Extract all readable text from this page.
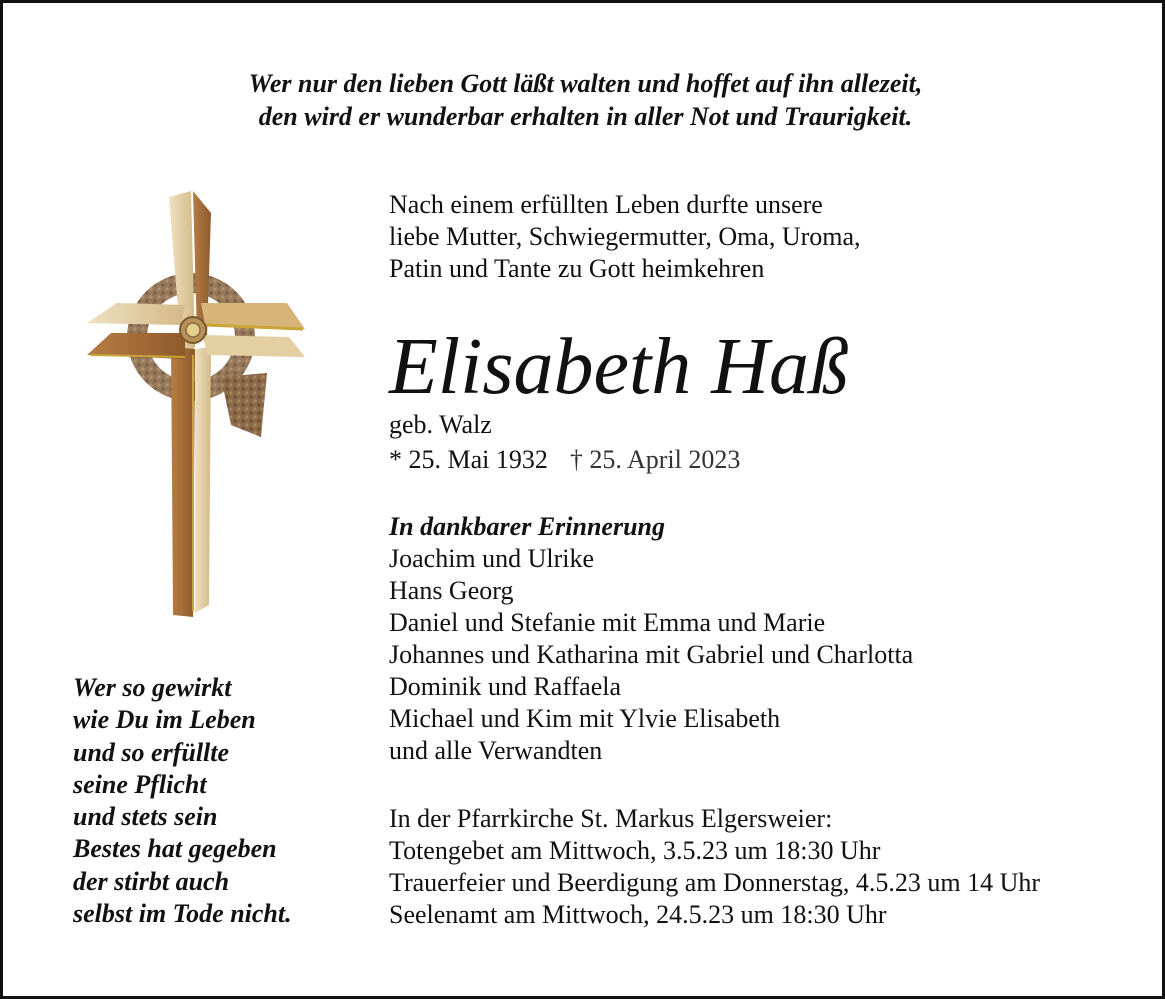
Wer nur den lieben Gott läßt walten und hoffet auf ihn allezeit,
den wird er wunderbar erhalten in aller Not und Traurigkeit.
Nach einem erfüllten Leben durfte unsere
liebe Mutter, Schwiegermutter, Oma, Uroma,
Patin und Tante zu Gott heimkehren
Elisabeth Haß
geb. Walz
* 25. Mai 1932 † 25. April 2023
In dankbarer Erinnerung
Joachim und Ulrike
Hans Georg
Daniel und Stefanie mit Emma und Marie
Johannes und Katharina mit Gabriel und Charlotta
Dominik und Raffaela
Michael und Kim mit Ylvie Elisabeth
und alle Verwandten
In der Pfarrkirche St. Markus Elgersweier:
Totengebet am Mittwoch, 3.5.23 um 18:30 Uhr
Trauerfeier und Beerdigung am Donnerstag, 4.5.23 um 14 Uhr
Seelenamt am Mittwoch, 24.5.23 um 18:30 Uhr
Wer so gewirkt
wie Du im Leben
und so erfüllte
seine Pflicht
und stets sein
Bestes hat gegeben
der stirbt auch
selbst im Tode nicht.
